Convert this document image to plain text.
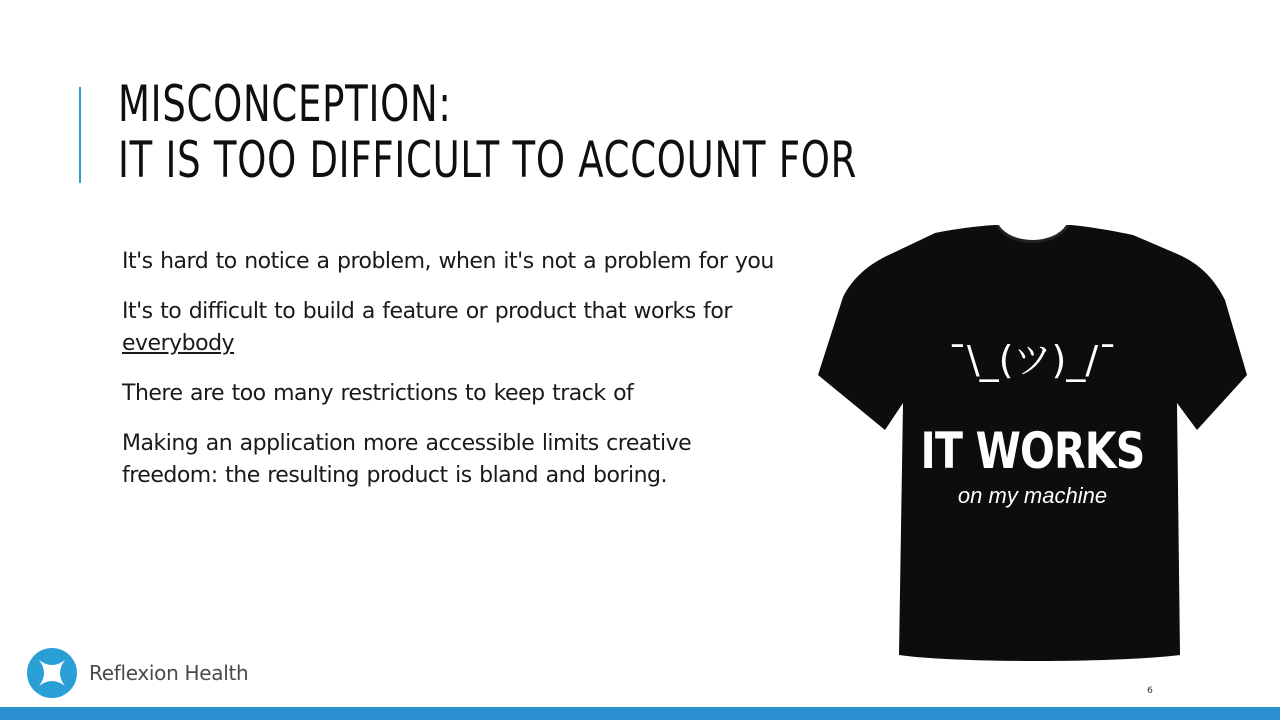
MISCONCEPTION:
IT IS TOO DIFFICULT TO ACCOUNT FOR
It's hard to notice a problem, when it's not a problem for you
It's to difficult to build a feature or product that works for
everybody
There are too many restrictions to keep track of
Making an application more accessible limits creative
freedom: the resulting product is bland and boring.
¯\_(ツ)_/¯
IT WORKS
on my machine
Reflexion Health
6
